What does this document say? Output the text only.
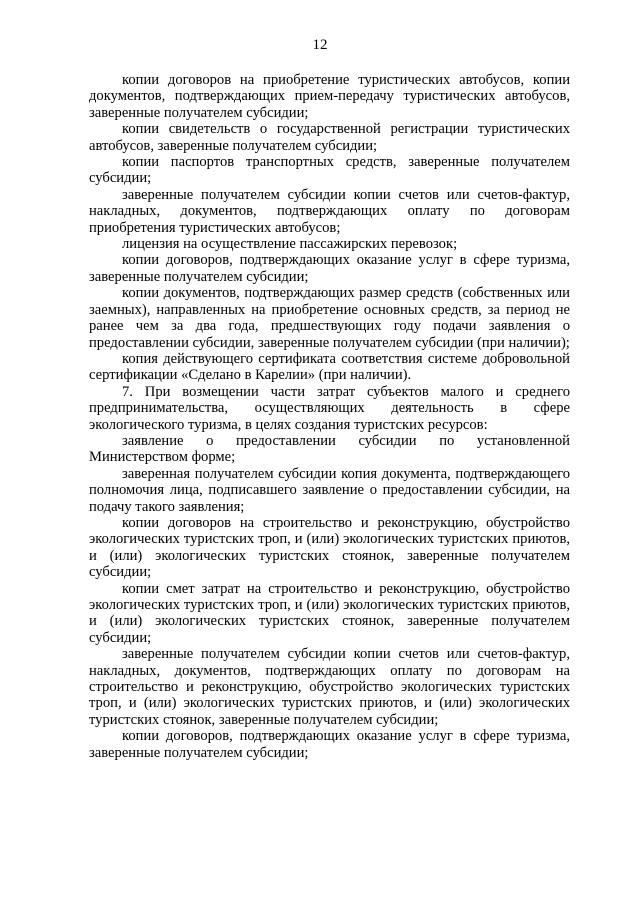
12

копии договоров на приобретение туристических автобусов, копии документов, подтверждающих прием-передачу туристических автобусов, заверенные получателем субсидии;

копии свидетельств о государственной регистрации туристических автобусов, заверенные получателем субсидии;

копии паспортов транспортных средств, заверенные получателем субсидии;

заверенные получателем субсидии копии счетов или счетов-фактур, накладных, документов, подтверждающих оплату по договорам приобретения туристических автобусов;

лицензия на осуществление пассажирских перевозок;

копии договоров, подтверждающих оказание услуг в сфере туризма, заверенные получателем субсидии;

копии документов, подтверждающих размер средств (собственных или заемных), направленных на приобретение основных средств, за период не ранее чем за два года, предшествующих году подачи заявления о предоставлении субсидии, заверенные получателем субсидии (при наличии);

копия действующего сертификата соответствия системе добровольной сертификации «Сделано в Карелии» (при наличии).

7. При возмещении части затрат субъектов малого и среднего предпринимательства, осуществляющих деятельность в сфере экологического туризма, в целях создания туристских ресурсов:

заявление о предоставлении субсидии по установленной Министерством форме;

заверенная получателем субсидии копия документа, подтверждающего полномочия лица, подписавшего заявление о предоставлении субсидии, на подачу такого заявления;

копии договоров на строительство и реконструкцию, обустройство экологических туристских троп, и (или) экологических туристских приютов, и (или) экологических туристских стоянок, заверенные получателем субсидии;

копии смет затрат на строительство и реконструкцию, обустройство экологических туристских троп, и (или) экологических туристских приютов, и (или) экологических туристских стоянок, заверенные получателем субсидии;

заверенные получателем субсидии копии счетов или счетов-фактур, накладных, документов, подтверждающих оплату по договорам на строительство и реконструкцию, обустройство экологических туристских троп, и (или) экологических туристских приютов, и (или) экологических туристских стоянок, заверенные получателем субсидии;

копии договоров, подтверждающих оказание услуг в сфере туризма, заверенные получателем субсидии;
